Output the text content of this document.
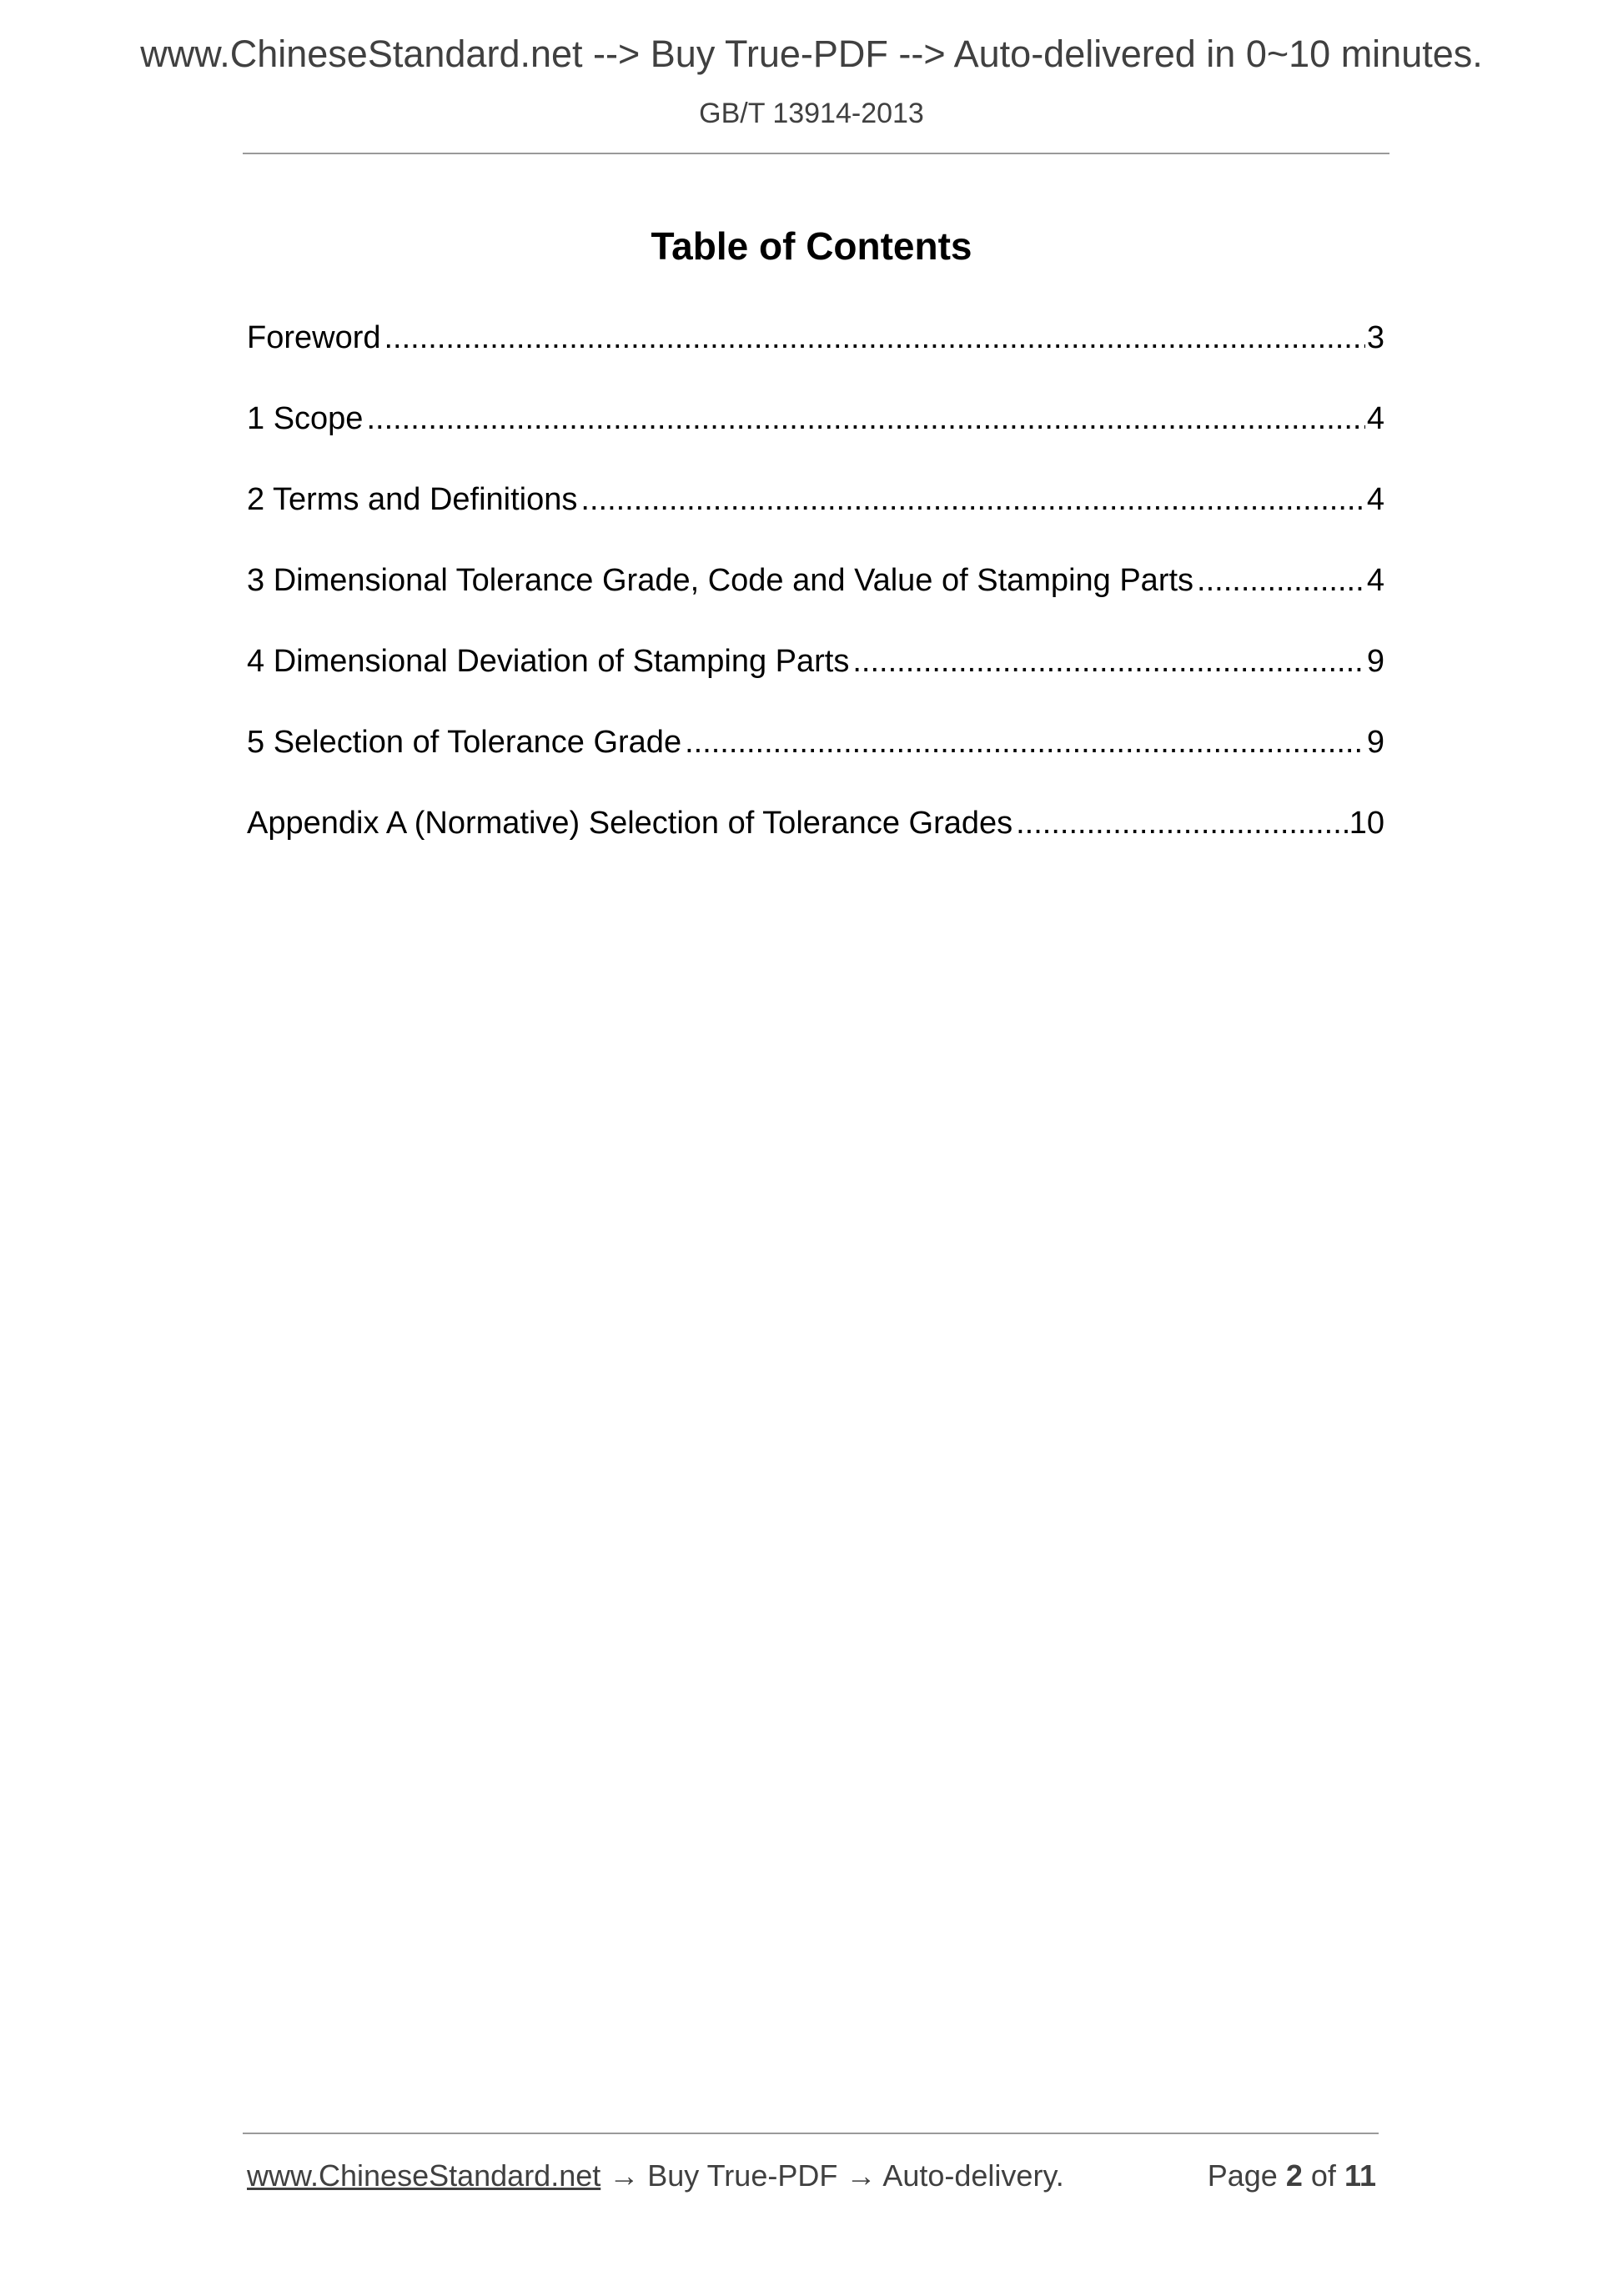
www.ChineseStandard.net --> Buy True-PDF --> Auto-delivered in 0~10 minutes.
GB/T 13914-2013
Table of Contents
Foreword .....	3
1 Scope .....	4
2 Terms and Definitions .....	4
3 Dimensional Tolerance Grade, Code and Value of Stamping Parts .....	4
4 Dimensional Deviation of Stamping Parts .....	9
5 Selection of Tolerance Grade .....	9
Appendix A (Normative) Selection of Tolerance Grades .....	10
www.ChineseStandard.net → Buy True-PDF → Auto-delivery.	Page 2 of 11
